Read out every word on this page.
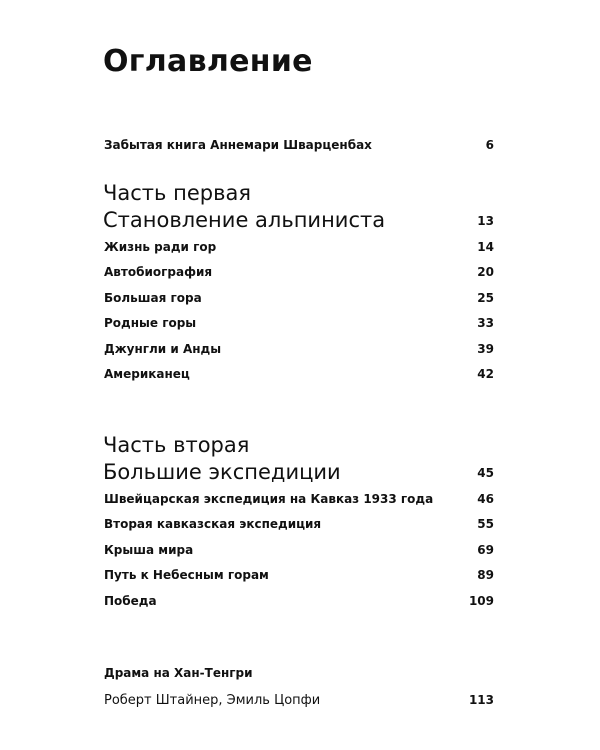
Оглавление
Забытая книга Аннемари Шварценбах	6
Часть первая
Становление альпиниста	13
Жизнь ради гор	14
Автобиография	20
Большая гора	25
Родные горы	33
Джунгли и Анды	39
Американец	42
Часть вторая
Большие экспедиции	45
Швейцарская экспедиция на Кавказ 1933 года	46
Вторая кавказская экспедиция	55
Крыша мира	69
Путь к Небесным горам	89
Победа	109
Драма на Хан-Тенгри
Роберт Штайнер, Эмиль Цопфи	113
